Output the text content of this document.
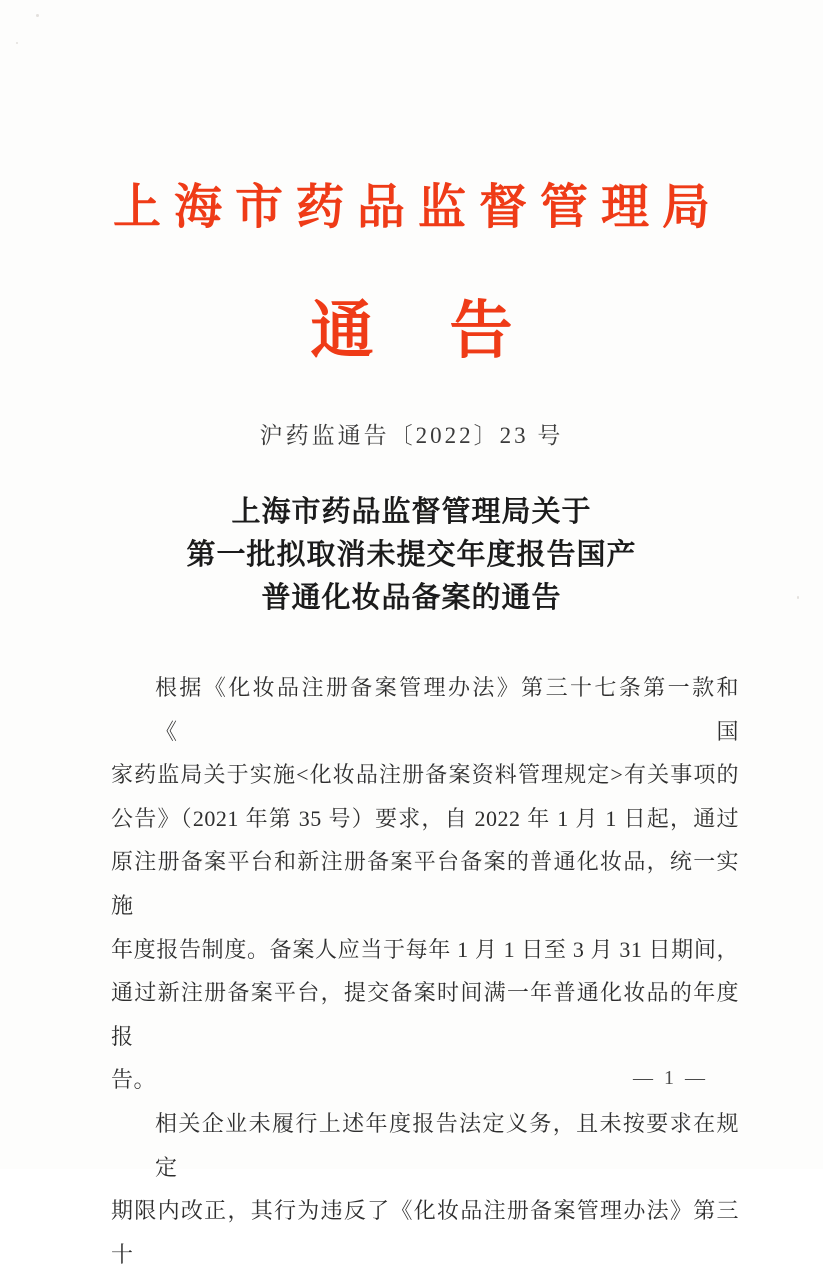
上海市药品监督管理局
通 告
沪药监通告〔2022〕23 号
上海市药品监督管理局关于
第一批拟取消未提交年度报告国产
普通化妆品备案的通告
根据《化妆品注册备案管理办法》第三十七条第一款和《国
家药监局关于实施<化妆品注册备案资料管理规定>有关事项的
公告》（2021 年第 35 号）要求，自 2022 年 1 月 1 日起，通过
原注册备案平台和新注册备案平台备案的普通化妆品，统一实施
年度报告制度。备案人应当于每年 1 月 1 日至 3 月 31 日期间，
通过新注册备案平台，提交备案时间满一年普通化妆品的年度报
告。
相关企业未履行上述年度报告法定义务，且未按要求在规定
期限内改正，其行为违反了《化妆品注册备案管理办法》第三十
— 1 —
